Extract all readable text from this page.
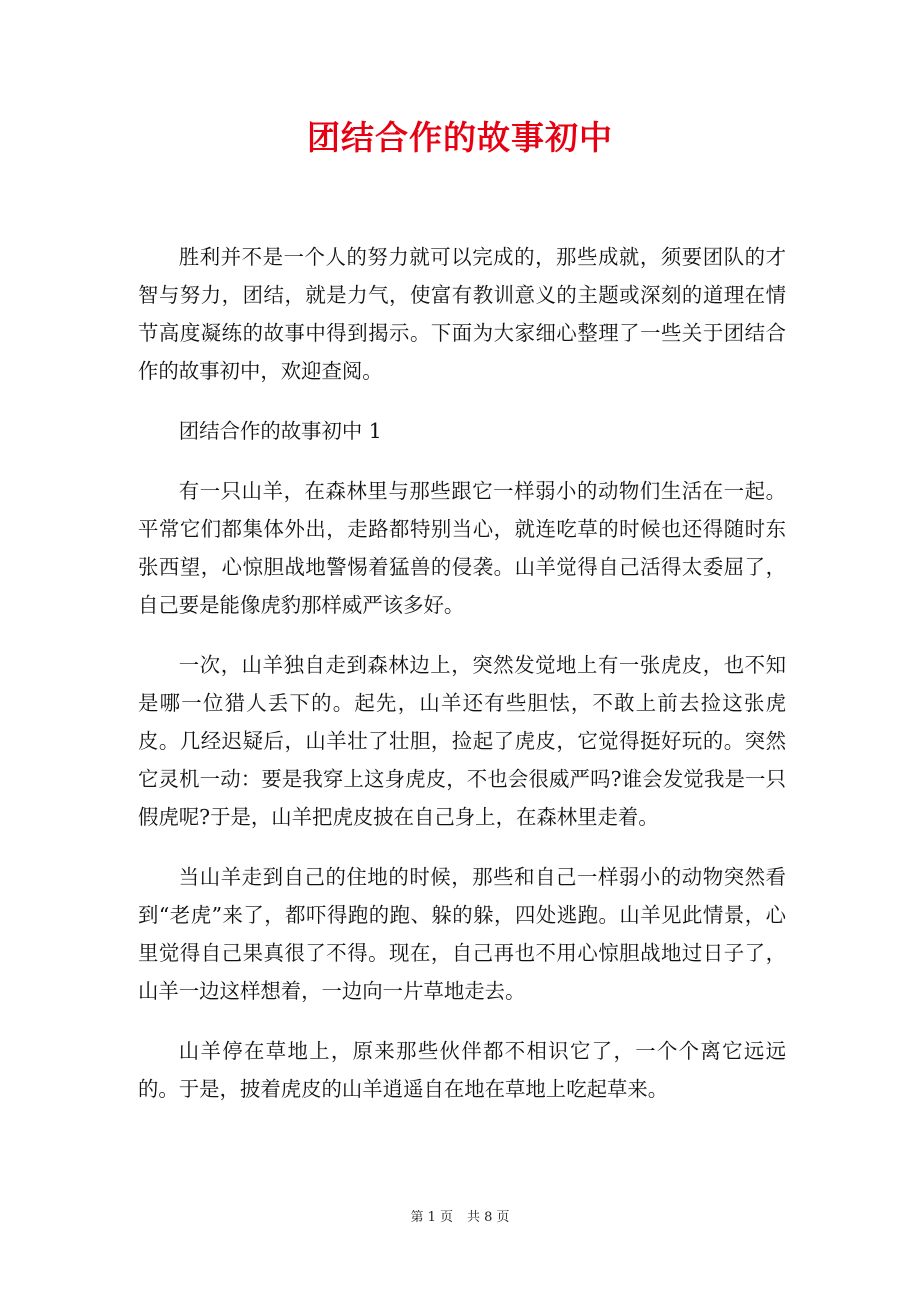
团结合作的故事初中

胜利并不是一个人的努力就可以完成的，那些成就，须要团队的才智与努力，团结，就是力气，使富有教训意义的主题或深刻的道理在情节高度凝练的故事中得到揭示。下面为大家细心整理了一些关于团结合作的故事初中，欢迎查阅。

团结合作的故事初中 1

有一只山羊，在森林里与那些跟它一样弱小的动物们生活在一起。平常它们都集体外出，走路都特别当心，就连吃草的时候也还得随时东张西望，心惊胆战地警惕着猛兽的侵袭。山羊觉得自己活得太委屈了，自己要是能像虎豹那样威严该多好。

一次，山羊独自走到森林边上，突然发觉地上有一张虎皮，也不知是哪一位猎人丢下的。起先，山羊还有些胆怯，不敢上前去捡这张虎皮。几经迟疑后，山羊壮了壮胆，捡起了虎皮，它觉得挺好玩的。突然它灵机一动：要是我穿上这身虎皮，不也会很威严吗?谁会发觉我是一只假虎呢?于是，山羊把虎皮披在自己身上，在森林里走着。

当山羊走到自己的住地的时候，那些和自己一样弱小的动物突然看到“老虎”来了，都吓得跑的跑、躲的躲，四处逃跑。山羊见此情景，心里觉得自己果真很了不得。现在，自己再也不用心惊胆战地过日子了，山羊一边这样想着，一边向一片草地走去。

山羊停在草地上，原来那些伙伴都不相识它了，一个个离它远远的。于是，披着虎皮的山羊逍遥自在地在草地上吃起草来。

第 1 页 共 8 页
